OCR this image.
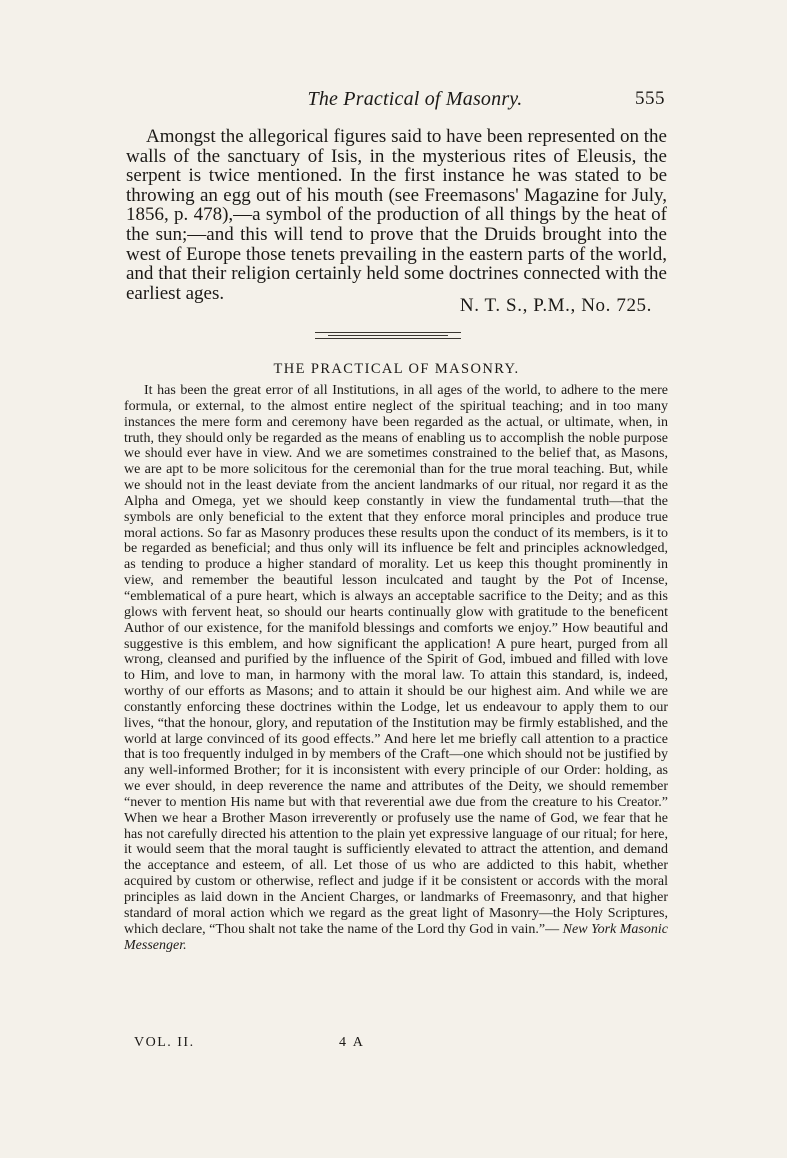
The Practical of Masonry.	555

Amongst the allegorical figures said to have been represented on the walls of the sanctuary of Isis, in the mysterious rites of Eleusis, the serpent is twice mentioned. In the first instance he was stated to be throwing an egg out of his mouth (see Freemasons' Magazine for July, 1856, p. 478),—a symbol of the production of all things by the heat of the sun;—and this will tend to prove that the Druids brought into the west of Europe those tenets prevailing in the eastern parts of the world, and that their religion certainly held some doctrines connected with the earliest ages.

N. T. S., P.M., No. 725.
THE PRACTICAL OF MASONRY.

It has been the great error of all Institutions, in all ages of the world, to adhere to the mere formula, or external, to the almost entire neglect of the spiritual teaching; and in too many instances the mere form and ceremony have been regarded as the actual, or ultimate, when, in truth, they should only be regarded as the means of enabling us to accomplish the noble purpose we should ever have in view. And we are sometimes constrained to the belief that, as Masons, we are apt to be more solicitous for the ceremonial than for the true moral teaching. But, while we should not in the least deviate from the ancient landmarks of our ritual, nor regard it as the Alpha and Omega, yet we should keep constantly in view the fundamental truth—that the symbols are only beneficial to the extent that they enforce moral principles and produce true moral actions. So far as Masonry produces these results upon the conduct of its members, is it to be regarded as beneficial; and thus only will its influence be felt and principles acknowledged, as tending to produce a higher standard of morality. Let us keep this thought prominently in view, and remember the beautiful lesson inculcated and taught by the Pot of Incense, “emblematical of a pure heart, which is always an acceptable sacrifice to the Deity; and as this glows with fervent heat, so should our hearts continually glow with gratitude to the beneficent Author of our existence, for the manifold blessings and comforts we enjoy.” How beautiful and suggestive is this emblem, and how significant the application! A pure heart, purged from all wrong, cleansed and purified by the influence of the Spirit of God, imbued and filled with love to Him, and love to man, in harmony with the moral law. To attain this standard, is, indeed, worthy of our efforts as Masons; and to attain it should be our highest aim. And while we are constantly enforcing these doctrines within the Lodge, let us endeavour to apply them to our lives, “that the honour, glory, and reputation of the Institution may be firmly established, and the world at large convinced of its good effects.” And here let me briefly call attention to a practice that is too frequently indulged in by members of the Craft—one which should not be justified by any well-informed Brother; for it is inconsistent with every principle of our Order: holding, as we ever should, in deep reverence the name and attributes of the Deity, we should remember “never to mention His name but with that reverential awe due from the creature to his Creator.” When we hear a Brother Mason irreverently or profusely use the name of God, we fear that he has not carefully directed his attention to the plain yet expressive language of our ritual; for here, it would seem that the moral taught is sufficiently elevated to attract the attention, and demand the acceptance and esteem, of all. Let those of us who are addicted to this habit, whether acquired by custom or otherwise, reflect and judge if it be consistent or accords with the moral principles as laid down in the Ancient Charges, or landmarks of Freemasonry, and that higher standard of moral action which we regard as the great light of Masonry—the Holy Scriptures, which declare, “Thou shalt not take the name of the Lord thy God in vain.”— New York Masonic Messenger.

VOL. II.	4 A
